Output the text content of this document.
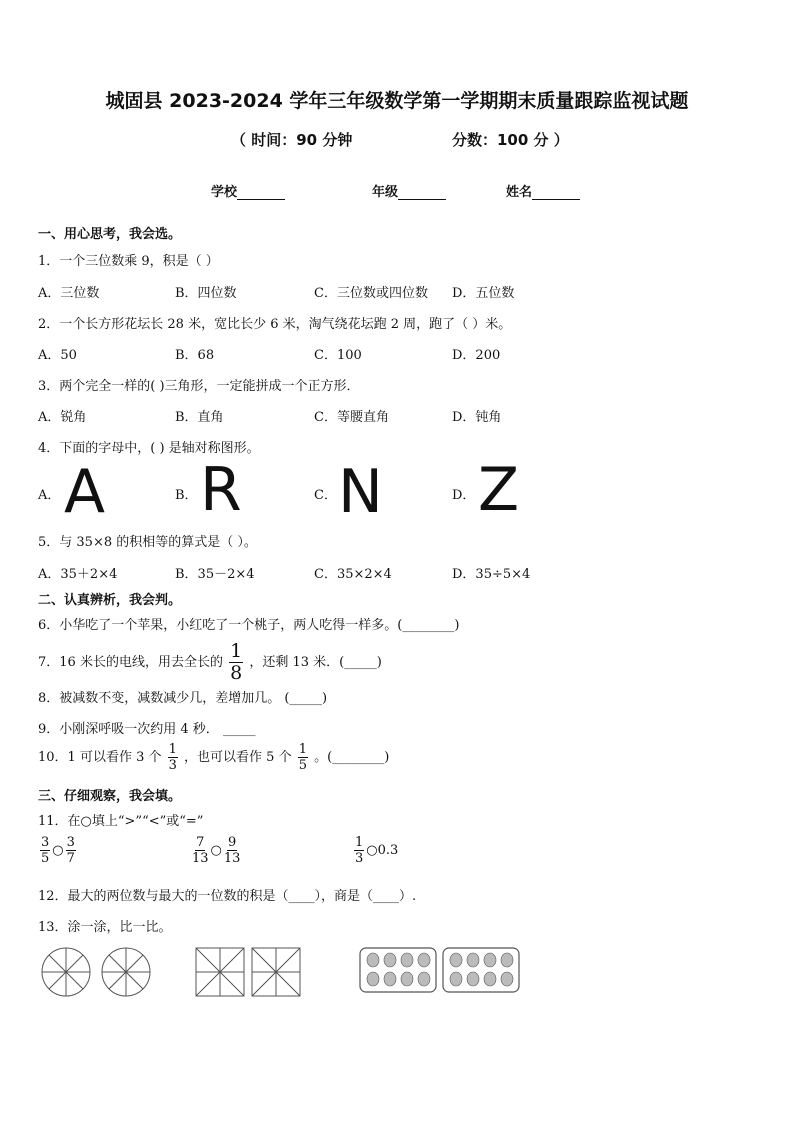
城固县 2023-2024 学年三年级数学第一学期期末质量跟踪监视试题
（ 时间：90 分钟	分数：100 分 ）
学校	年级	姓名
一、用心思考，我会选。
1．一个三位数乘 9，积是（ ）
A．三位数	B．四位数	C．三位数或四位数 D．五位数
2．一个长方形花坛长 28 米，宽比长少 6 米，淘气绕花坛跑 2 周，跑了（ ）米。
A．50	B．68	C．100	D．200
3．两个完全一样的( )三角形，一定能拼成一个正方形．
A．锐角	B．直角	C．等腰直角	D．钝角
4．下面的字母中，( ) 是轴对称图形。
A． A	B． R	C． N	D． Z
5．与 35×8 的积相等的算式是（ ）。
A．35＋2×4	B．35－2×4	C．35×2×4	D．35÷5×4
二、认真辨析，我会判。
6．小华吃了一个苹果，小红吃了一个桃子，两人吃得一样多。(________)
7．16 米长的电线，用去全长的 $\frac{1}{8}$ ，还剩 13 米．(_____)
8．被减数不变，减数减少几，差增加几。 (_____)
9．小刚深呼吸一次约用 4 秒． _____
10．1 可以看作 3 个 $\frac{1}{3}$ ，也可以看作 5 个 $\frac{1}{5}$ 。(________)
三、仔细观察，我会填。
11．在○填上“>”“<”或“=”
$\frac{3}{5}$ ○ $\frac{3}{7}$	$\frac{7}{13}$ ○ $\frac{9}{13}$	$\frac{1}{3}$ ○0.3
12．最大的两位数与最大的一位数的积是（____），商是（____）.
13．涂一涂，比一比。
